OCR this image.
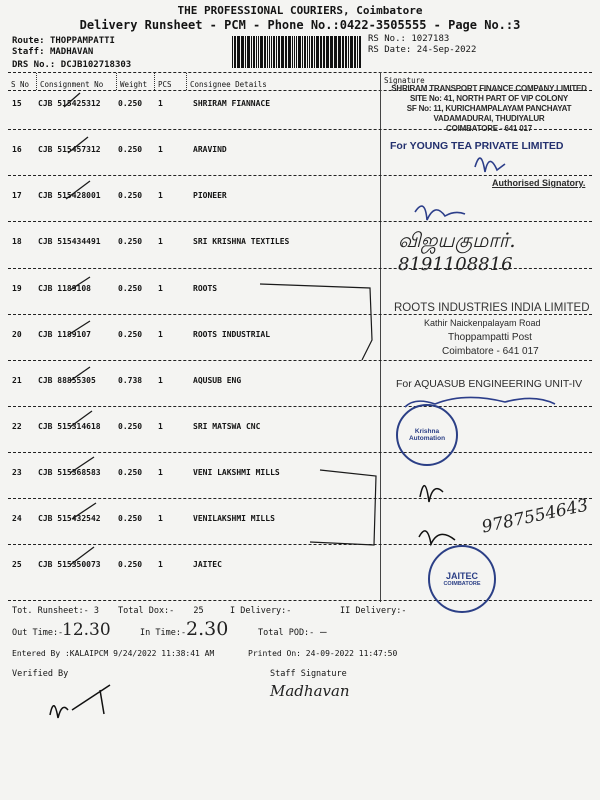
THE PROFESSIONAL COURIERS, Coimbatore
Delivery Runsheet - PCM - Phone No.:0422-3505555 - Page No.:3
Route: THOPPAMPATTI
Staff: MADHAVAN
DRS No.: DCJB102718303
RS No.: 1027183
RS Date: 24-Sep-2022
S No Consignment No Weight PCS Consignee Details	Signature
15 CJB 515425312 0.250 1	SHRIRAM FIANNACE
16 CJB 515457312 0.250 1	ARAVIND
17 CJB 515428001 0.250 1	PIONEER
18 CJB 515434491 0.250 1	SRI KRISHNA TEXTILES
19 CJB 1189108	0.250 1	ROOTS
20 CJB 1189107	0.250 1	ROOTS INDUSTRIAL
21 CJB 88855305	0.738 1	AQUSUB ENG
22 CJB 515314618 0.250 1	SRI MATSWA CNC
23 CJB 515368583 0.250 1	VENI LAKSHMI MILLS
24 CJB 515432542 0.250 1	VENILAKSHMI MILLS
25 CJB 515350073 0.250 1	JAITEC
SHRIRAM TRANSPORT FINANCE COMPANY LIMITED
SITE No: 41, NORTH PART OF VIP COLONY
SF No: 11, KURICHAMPALAYAM PANCHAYAT
VADAMADURAI, THUDIYALUR
COIMBATORE - 641 017
For YOUNG TEA PRIVATE LIMITED
Authorised Signatory.
விஜயகுமார்.
8191108816
ROOTS INDUSTRIES INDIA LIMITED
Kathir Naickenpalayam Road
Thoppampatti Post
Coimbatore - 641 017
For AQUASUB ENGINEERING UNIT-IV
Krishna Automation
9787554643
JAITEC
COIMBATORE
Tot. Runsheet:- 3 Total Dox:- 25	I Delivery:-	II Delivery:-
Out Time:-
12.30	In Time:- 2.30	Total POD:- —
Entered By :KALAIPCM 9/24/2022 11:38:41 AM	Printed On: 24-09-2022 11:47:50
Verified By	Staff Signature
Madhavan
